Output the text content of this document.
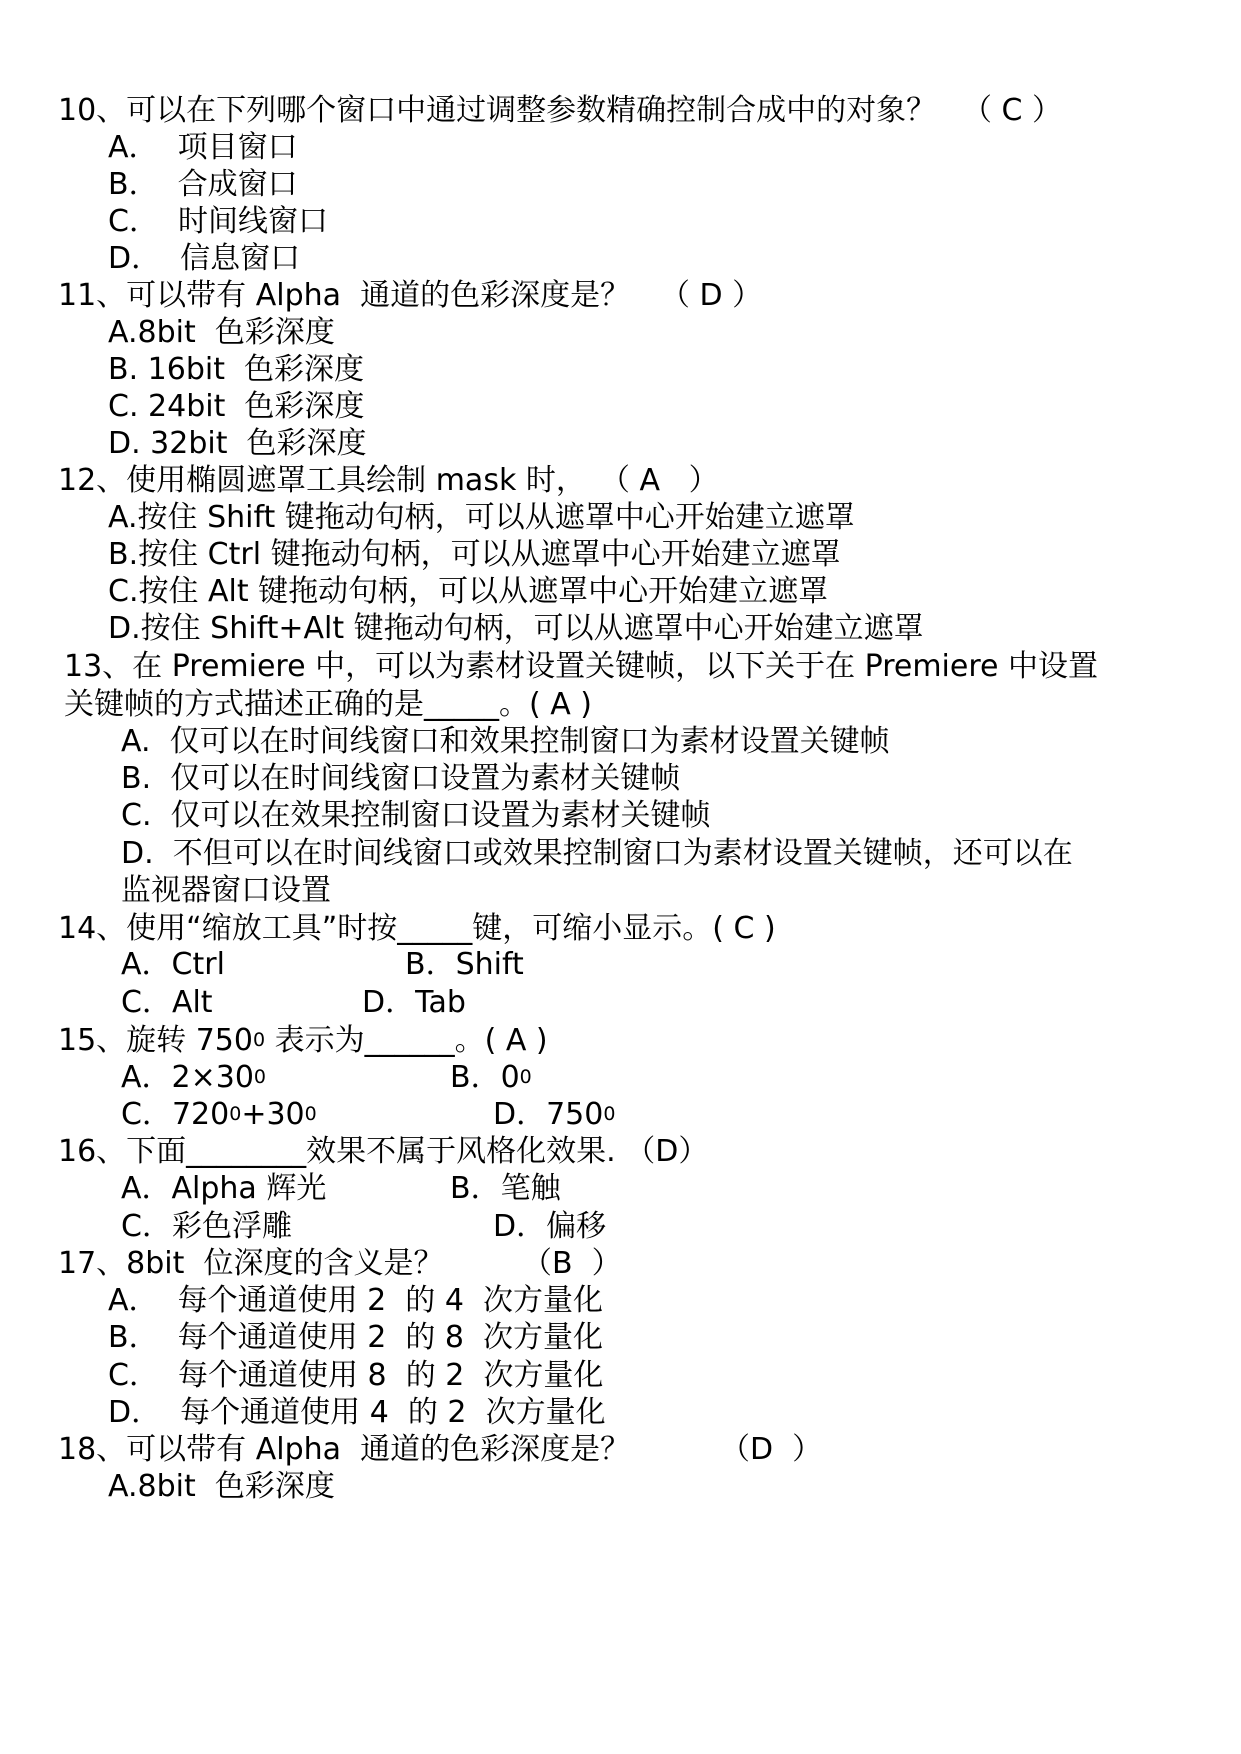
10、可以在下列哪个窗口中通过调整参数精确控制合成中的对象？ （ C ）
A．  项目窗口
B．  合成窗口
C．  时间线窗口
D．  信息窗口
11、可以带有 Alpha  通道的色彩深度是？ （ D ）
A.8bit  色彩深度
B. 16bit  色彩深度
C. 24bit  色彩深度
D. 32bit  色彩深度
12、使用椭圆遮罩工具绘制 mask 时， （ A   ）
A.按住 Shift 键拖动句柄，可以从遮罩中心开始建立遮罩
B.按住 Ctrl 键拖动句柄，可以从遮罩中心开始建立遮罩
C.按住 Alt 键拖动句柄，可以从遮罩中心开始建立遮罩
D.按住 Shift+Alt 键拖动句柄，可以从遮罩中心开始建立遮罩
13、在 Premiere 中，可以为素材设置关键帧，以下关于在 Premiere 中设置
关键帧的方式描述正确的是_____。( A )
A.  仅可以在时间线窗口和效果控制窗口为素材设置关键帧
B.  仅可以在时间线窗口设置为素材关键帧
C.  仅可以在效果控制窗口设置为素材关键帧
D.  不但可以在时间线窗口或效果控制窗口为素材设置关键帧，还可以在
监视器窗口设置
14、使用“缩放工具”时按_____键，可缩小显示。( C )
A．Ctrl	B．Shift
C．Alt	D．Tab
15、旋转 $750^0$ 表示为______。( A )
A．$2\times 30^0$	B．$0^0$
C．$720^0+30^0$	D．$750^0$
16、下面________效果不属于风格化效果. （D）
A．Alpha 辉光	B．笔触
C．彩色浮雕	D．偏移
17、8bit  位深度的含义是？	（B  ）
A．  每个通道使用 2  的 4  次方量化
B．  每个通道使用 2  的 8  次方量化
C．  每个通道使用 8  的 2  次方量化
D．  每个通道使用 4  的 2  次方量化
18、可以带有 Alpha  通道的色彩深度是？	（D  ）
A.8bit  色彩深度
